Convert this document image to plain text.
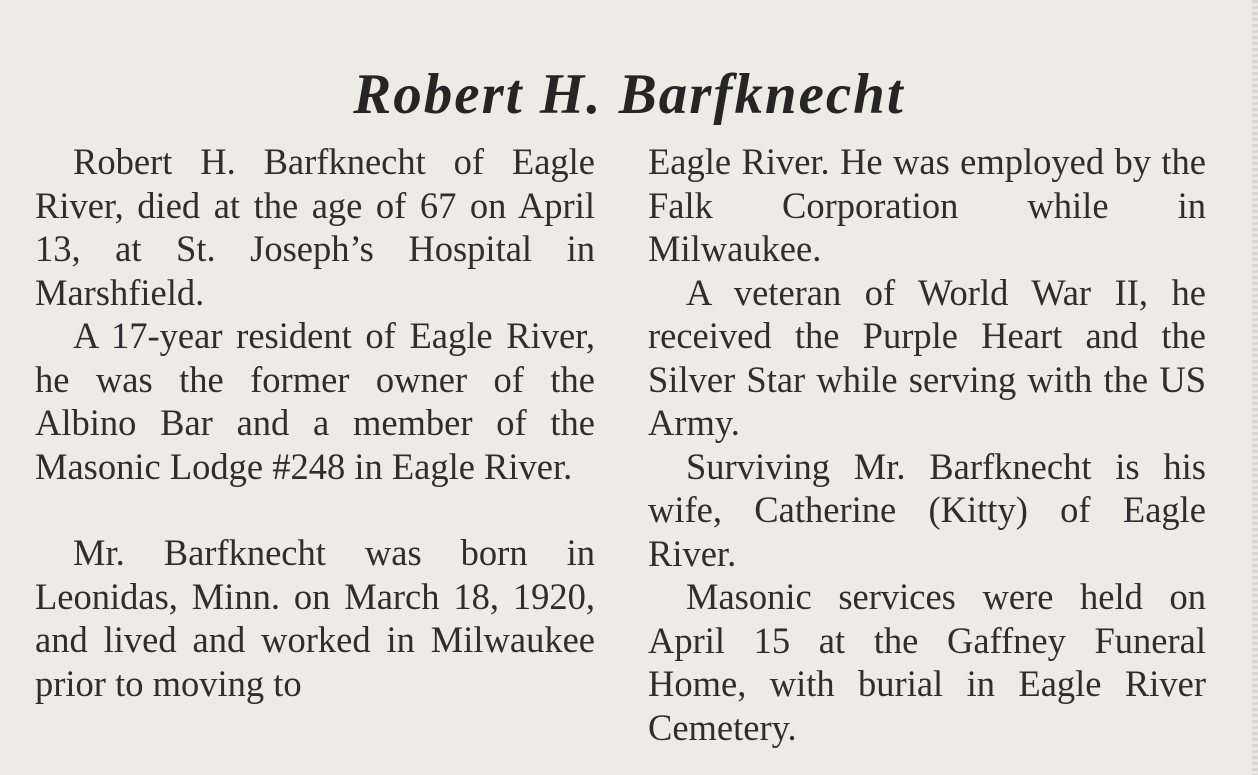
Robert H. Barfknecht

Robert H. Barfknecht of Eagle River, died at the age of 67 on April 13, at St. Joseph’s Hospital in Marshfield.

A 17-year resident of Eagle River, he was the former owner of the Albino Bar and a member of the Masonic Lodge #248 in Eagle River.

Mr. Barfknecht was born in Leonidas, Minn. on March 18, 1920, and lived and worked in Milwaukee prior to moving to

Eagle River. He was employed by the Falk Corporation while in Milwaukee.

A veteran of World War II, he received the Purple Heart and the Silver Star while serving with the US Army.

Surviving Mr. Barfknecht is his wife, Catherine (Kitty) of Eagle River.

Masonic services were held on April 15 at the Gaffney Funeral Home, with burial in Eagle River Cemetery.
